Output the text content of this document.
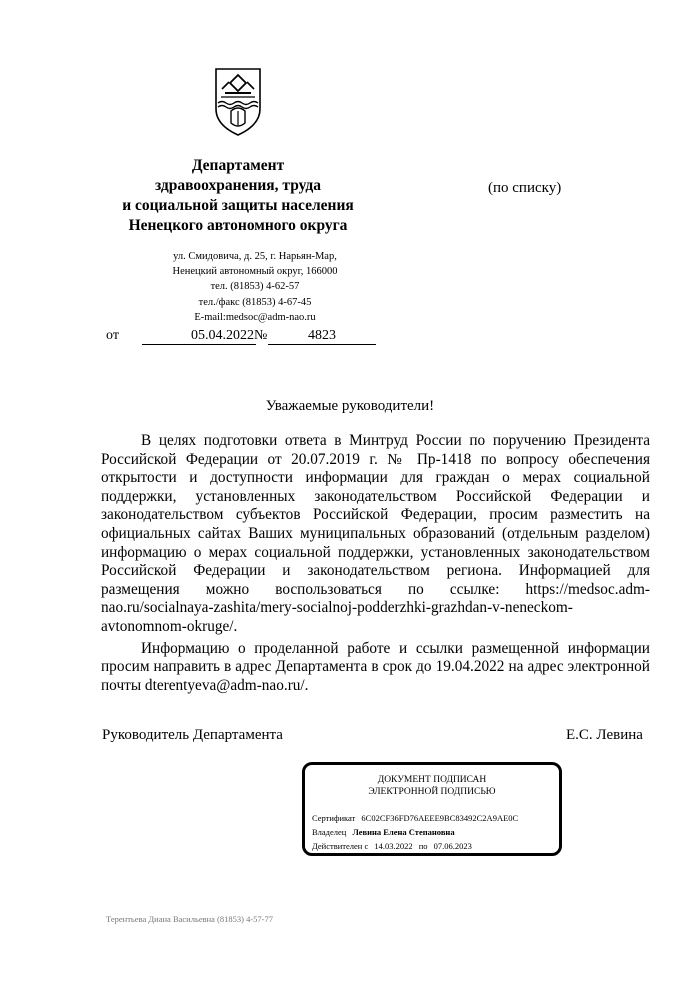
Департамент
здравоохранения, труда
и социальной защиты населения
Ненецкого автономного округа
(по списку)
ул. Смидовича, д. 25, г. Нарьян-Мар,
Ненецкий автономный округ, 166000
тел. (81853) 4-62-57
тел./факс (81853) 4-67-45
E-mail:medsoc@adm-nao.ru
от	05.04.2022 №	4823
Уважаемые руководители!

В целях подготовки ответа в Минтруд России по поручению Президента Российской Федерации от 20.07.2019 г. № Пр-1418 по вопросу обеспечения открытости и доступности информации для граждан о мерах социальной поддержки, установленных законодательством Российской Федерации и законодательством субъектов Российской Федерации, просим разместить на официальных сайтах Ваших муниципальных образований (отдельным разделом) информацию о мерах социальной поддержки, установленных законодательством Российской Федерации и законодательством региона. Информацией для размещения можно воспользоваться по ссылке: https://medsoc.adm-nao.ru/socialnaya-zashita/mery-socialnoj-podderzhki-grazhdan-v-neneckom-avtonomnom-okruge/.

Информацию о проделанной работе и ссылки размещенной информации просим направить в адрес Департамента в срок до 19.04.2022 на адрес электронной почты dterentyeva@adm-nao.ru/.

Руководитель Департамента	Е.С. Левина
ДОКУМЕНТ ПОДПИСАН
ЭЛЕКТРОННОЙ ПОДПИСЬЮ
Сертификат 6C02CF36FD76AEEE9BC83492C2A9AE0C
Владелец Левина Елена Степановна
Действителен с 14.03.2022 по 07.06.2023
Терентьева Диана Васильевна (81853) 4-57-77
